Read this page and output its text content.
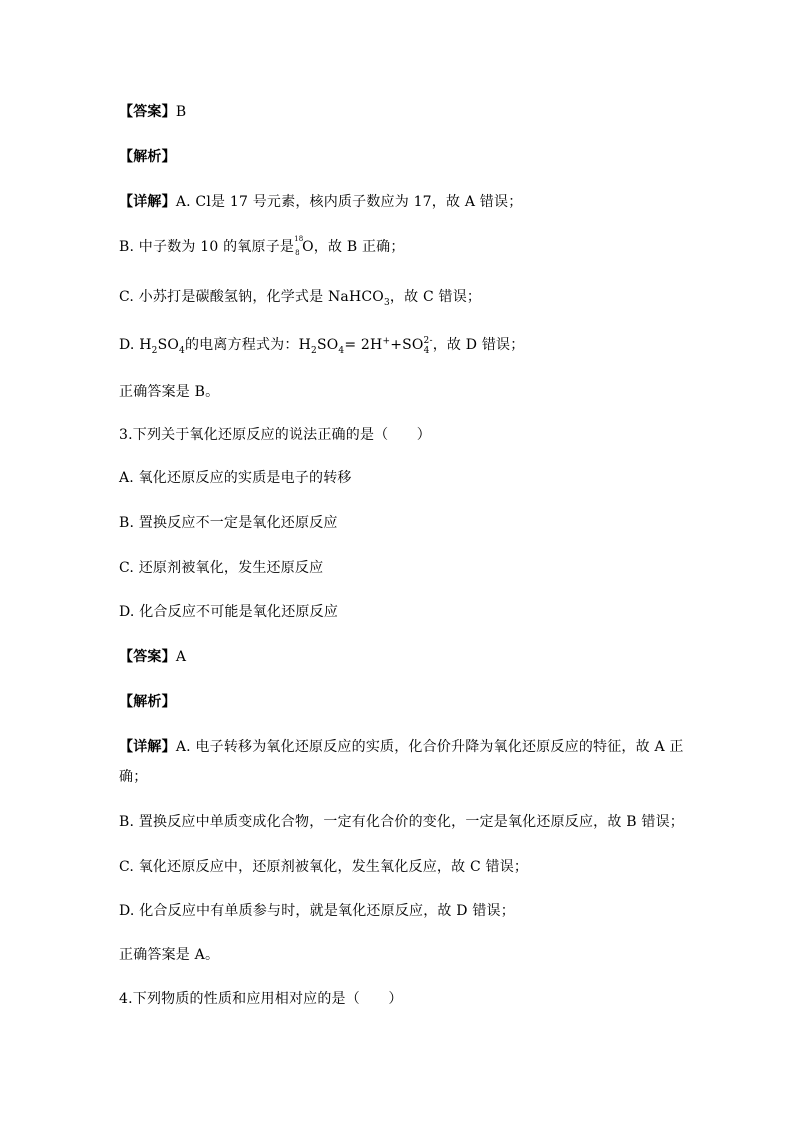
【答案】B
【解析】
【详解】A. Cl是 17 号元素，核内质子数应为 17，故 A 错误；
B. 中子数为 10 的氧原子是 18
8 O，故 B 正确；
C. 小苏打是碳酸氢钠，化学式是 NaHCO$_3$，故 C 错误；
D. $H_2SO_4$的电离方程式为：$H_2SO_4= 2H^++SO_4^{2-}$，故 D 错误；
正确答案是 B。
3.下列关于氧化还原反应的说法正确的是（　　）
A. 氧化还原反应的实质是电子的转移
B. 置换反应不一定是氧化还原反应
C. 还原剂被氧化，发生还原反应
D. 化合反应不可能是氧化还原反应
【答案】A
【解析】
【详解】A. 电子转移为氧化还原反应的实质，化合价升降为氧化还原反应的特征，故 A 正
确；
B. 置换反应中单质变成化合物，一定有化合价的变化，一定是氧化还原反应，故 B 错误；
C. 氧化还原反应中，还原剂被氧化，发生氧化反应，故 C 错误；
D. 化合反应中有单质参与时，就是氧化还原反应，故 D 错误；
正确答案是 A。
4.下列物质的性质和应用相对应的是（　　）
